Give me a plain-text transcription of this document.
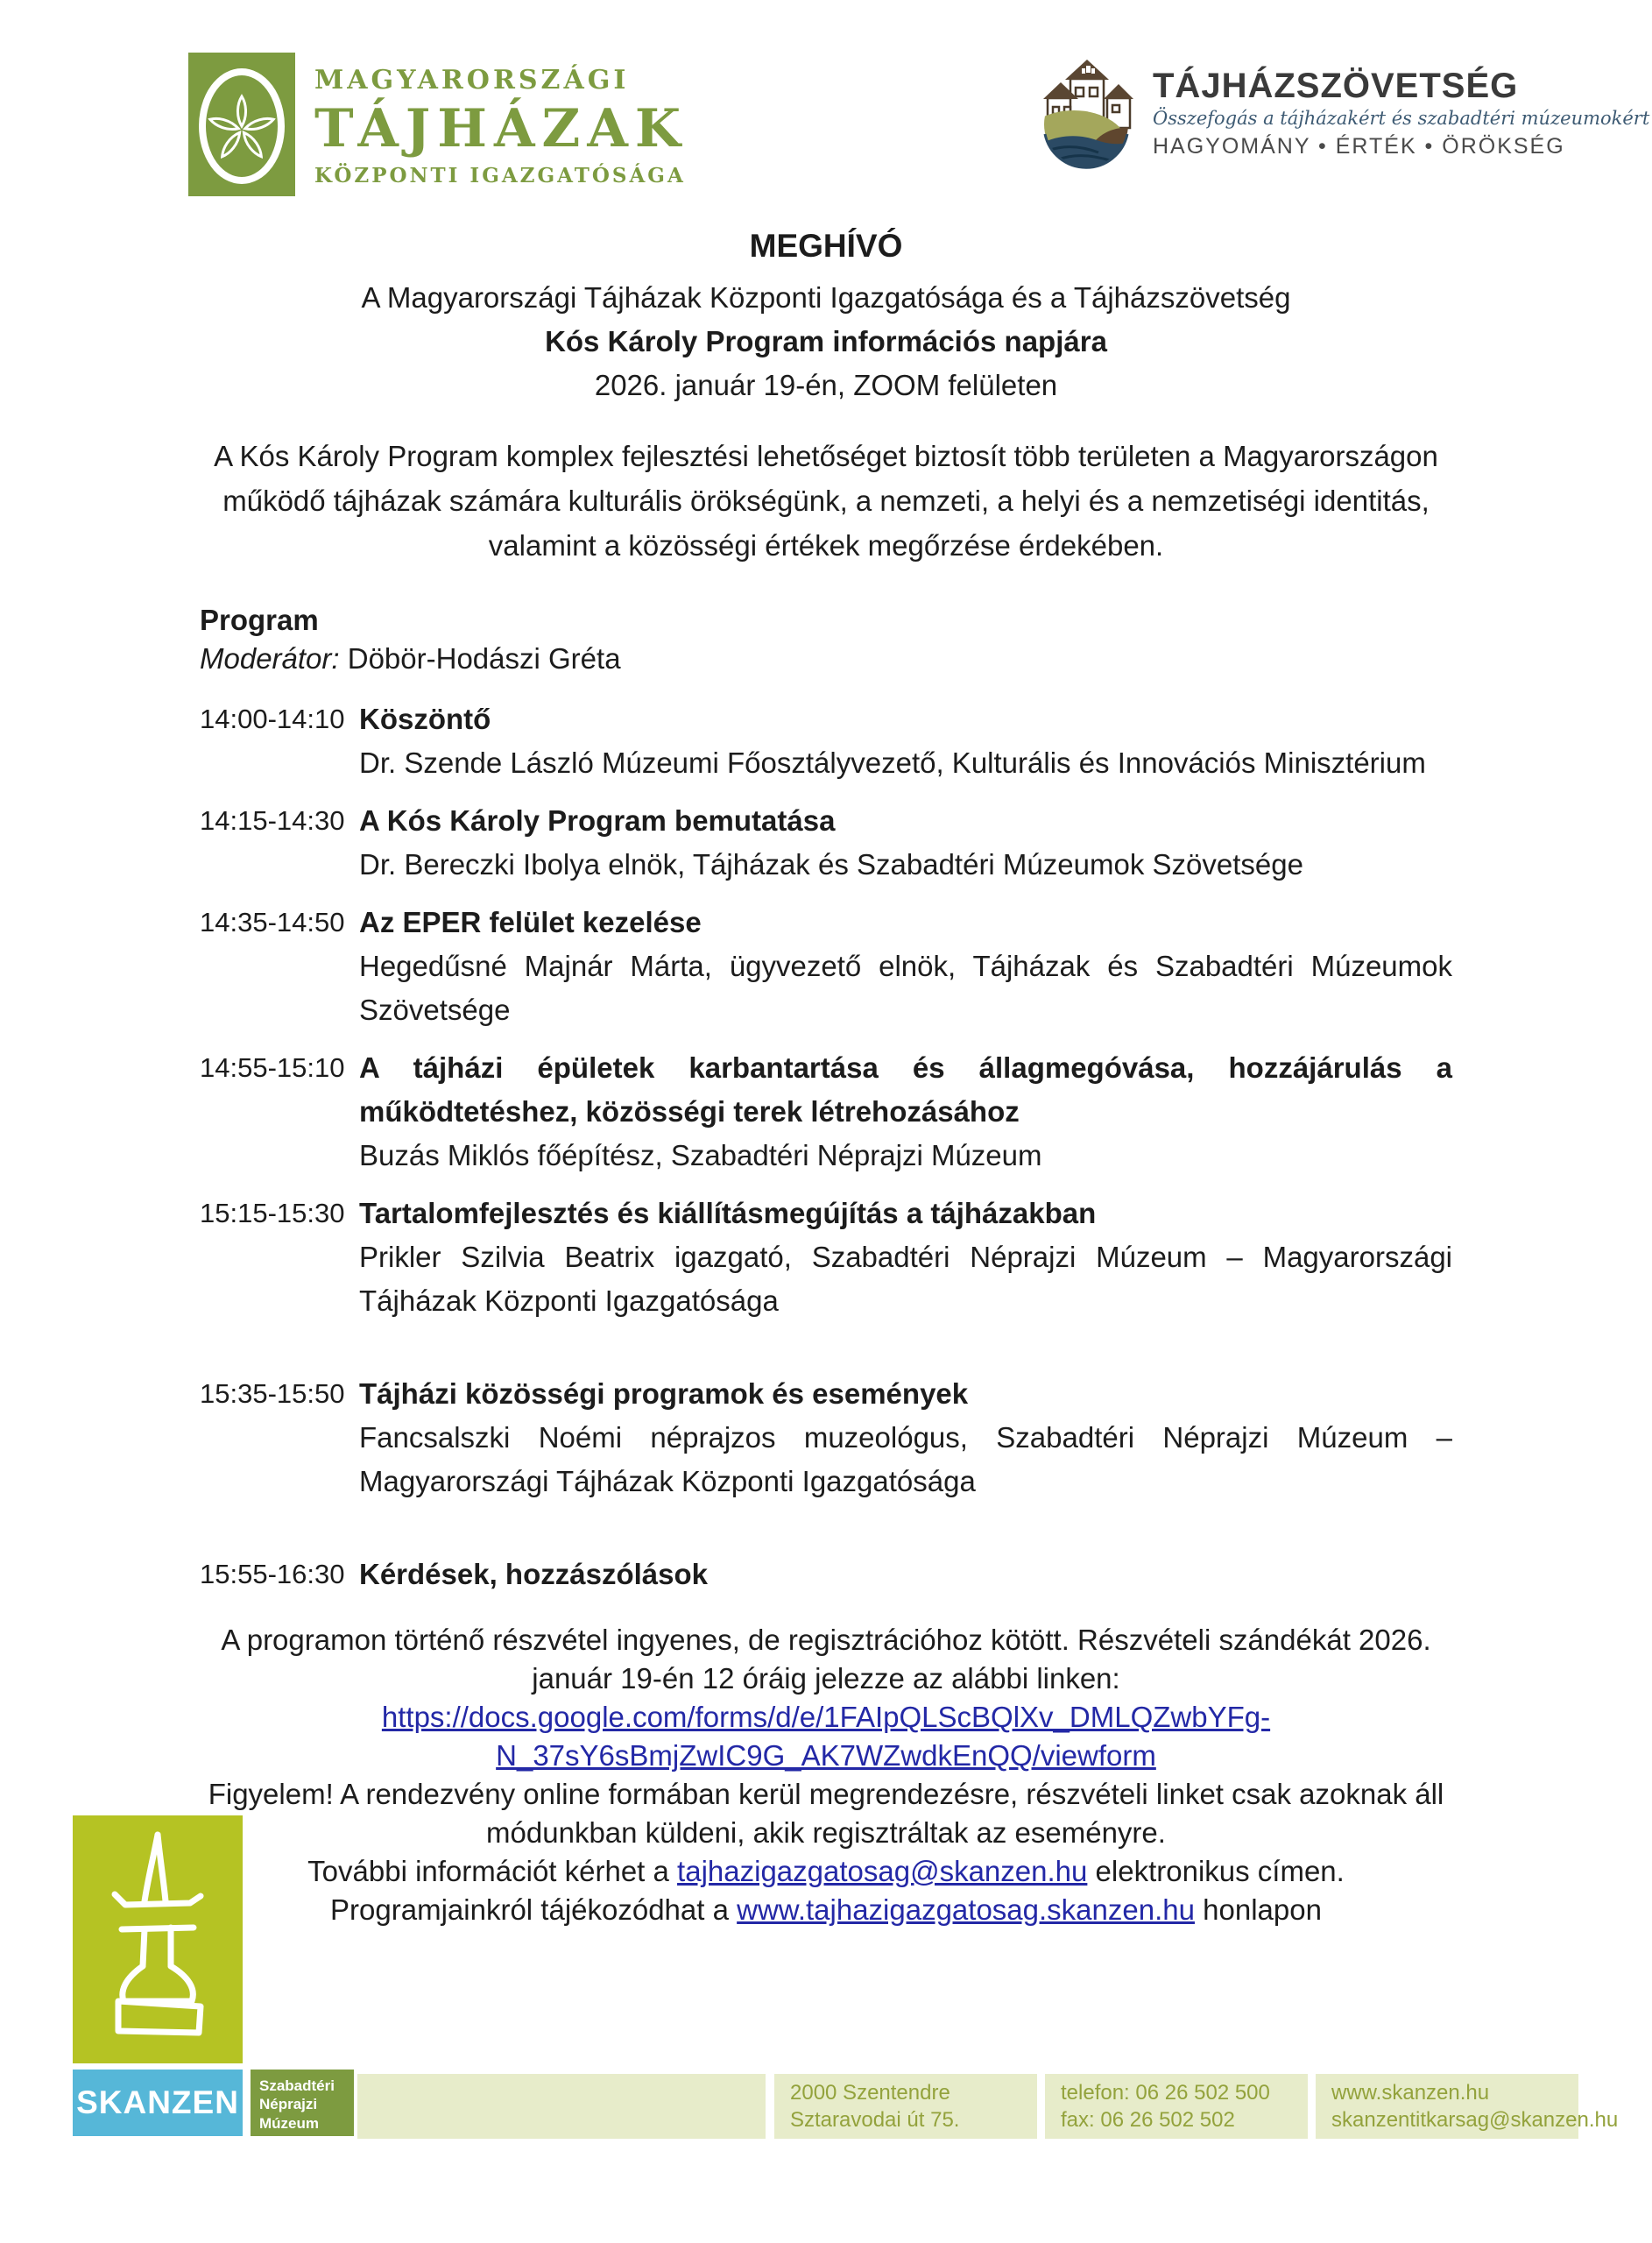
MAGYARORSZÁGI
TÁJHÁZAK
KÖZPONTI IGAZGATÓSÁGA
TÁJHÁZSZÖVETSÉG
Összefogás a tájházakért és szabadtéri múzeumokért
HAGYOMÁNY • ÉRTÉK • ÖRÖKSÉG
MEGHÍVÓ
A Magyarországi Tájházak Központi Igazgatósága és a Tájházszövetség
Kós Károly Program információs napjára
2026. január 19-én, ZOOM felületen
A Kós Károly Program komplex fejlesztési lehetőséget biztosít több területen a Magyarországon működő tájházak számára kulturális örökségünk, a nemzeti, a helyi és a nemzetiségi identitás, valamint a közösségi értékek megőrzése érdekében.
Program
Moderátor: Döbör-Hodászi Gréta
14:00-14:10 Köszöntő
Dr. Szende László Múzeumi Főosztályvezető, Kulturális és Innovációs Minisztérium
14:15-14:30 A Kós Károly Program bemutatása
Dr. Bereczki Ibolya elnök, Tájházak és Szabadtéri Múzeumok Szövetsége
14:35-14:50 Az EPER felület kezelése
Hegedűsné Majnár Márta, ügyvezető elnök, Tájházak és Szabadtéri Múzeumok Szövetsége
14:55-15:10 A tájházi épületek karbantartása és állagmegóvása, hozzájárulás a működtetéshez, közösségi terek létrehozásához
Buzás Miklós főépítész, Szabadtéri Néprajzi Múzeum
15:15-15:30 Tartalomfejlesztés és kiállításmegújítás a tájházakban
Prikler Szilvia Beatrix igazgató, Szabadtéri Néprajzi Múzeum – Magyarországi Tájházak Központi Igazgatósága
15:35-15:50 Tájházi közösségi programok és események
Fancsalszki Noémi néprajzos muzeológus, Szabadtéri Néprajzi Múzeum – Magyarországi Tájházak Központi Igazgatósága
15:55-16:30 Kérdések, hozzászólások
A programon történő részvétel ingyenes, de regisztrációhoz kötött. Részvételi szándékát 2026. január 19-én 12 óráig jelezze az alábbi linken:
https://docs.google.com/forms/d/e/1FAIpQLScBQlXv_DMLQZwbYFg-
N_37sY6sBmjZwIC9G_AK7WZwdkEnQQ/viewform
Figyelem! A rendezvény online formában kerül megrendezésre, részvételi linket csak azoknak áll módunkban küldeni, akik regisztráltak az eseményre.
További információt kérhet a tajhazigazgatosag@skanzen.hu elektronikus címen.
Programjainkról tájékozódhat a www.tajhazigazgatosag.skanzen.hu honlapon
SKANZEN	Szabadtéri Néprajzi Múzeum
2000 Szentendre
Sztaravodai út 75.
telefon: 06 26 502 500
fax: 06 26 502 502
www.skanzen.hu
skanzentitkarsag@skanzen.hu
